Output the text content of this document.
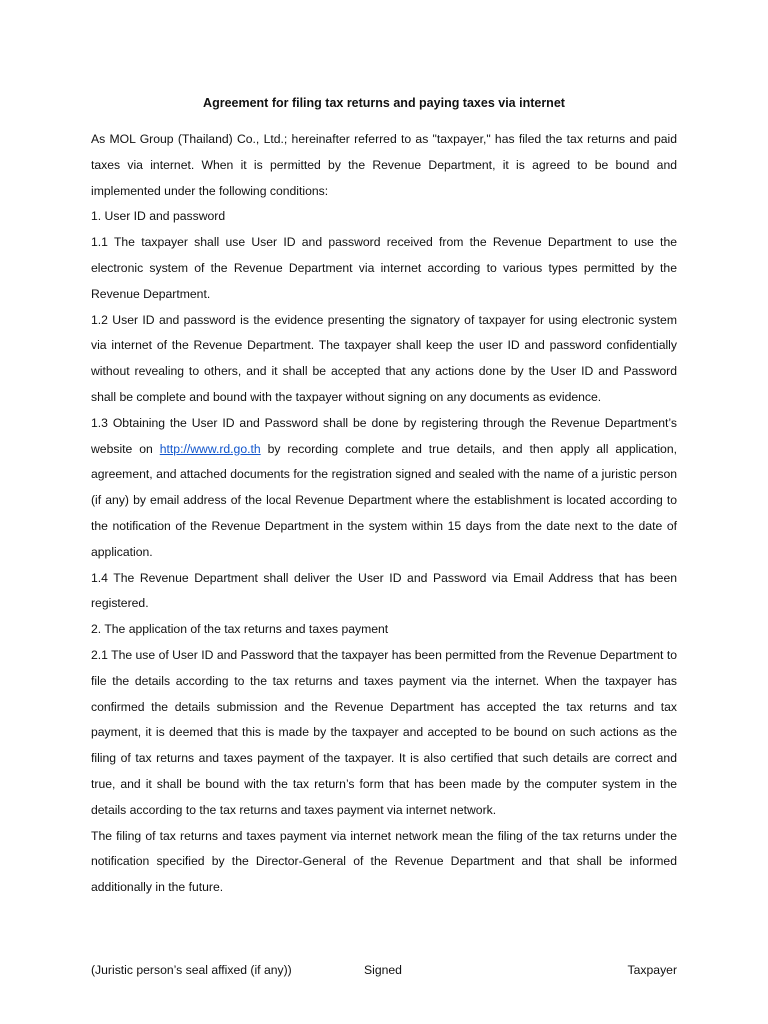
Agreement for filing tax returns and paying taxes via internet

As MOL Group (Thailand) Co., Ltd.; hereinafter referred to as "taxpayer," has filed the tax returns and paid taxes via internet. When it is permitted by the Revenue Department, it is agreed to be bound and implemented under the following conditions:

1. User ID and password

1.1 The taxpayer shall use User ID and password received from the Revenue Department to use the electronic system of the Revenue Department via internet according to various types permitted by the Revenue Department.

1.2 User ID and password is the evidence presenting the signatory of taxpayer for using electronic system via internet of the Revenue Department. The taxpayer shall keep the user ID and password confidentially without revealing to others, and it shall be accepted that any actions done by the User ID and Password shall be complete and bound with the taxpayer without signing on any documents as evidence.

1.3 Obtaining the User ID and Password shall be done by registering through the Revenue Department’s website on http://www.rd.go.th by recording complete and true details, and then apply all application, agreement, and attached documents for the registration signed and sealed with the name of a juristic person (if any) by email address of the local Revenue Department where the establishment is located according to the notification of the Revenue Department in the system within 15 days from the date next to the date of application.

1.4 The Revenue Department shall deliver the User ID and Password via Email Address that has been registered.

2. The application of the tax returns and taxes payment

2.1 The use of User ID and Password that the taxpayer has been permitted from the Revenue Department to file the details according to the tax returns and taxes payment via the internet. When the taxpayer has confirmed the details submission and the Revenue Department has accepted the tax returns and tax payment, it is deemed that this is made by the taxpayer and accepted to be bound on such actions as the filing of tax returns and taxes payment of the taxpayer. It is also certified that such details are correct and true, and it shall be bound with the tax return’s form that has been made by the computer system in the details according to the tax returns and taxes payment via internet network.

The filing of tax returns and taxes payment via internet network mean the filing of the tax returns under the notification specified by the Director-General of the Revenue Department and that shall be informed additionally in the future.

(Juristic person’s seal affixed (if any))	Signed	Taxpayer
